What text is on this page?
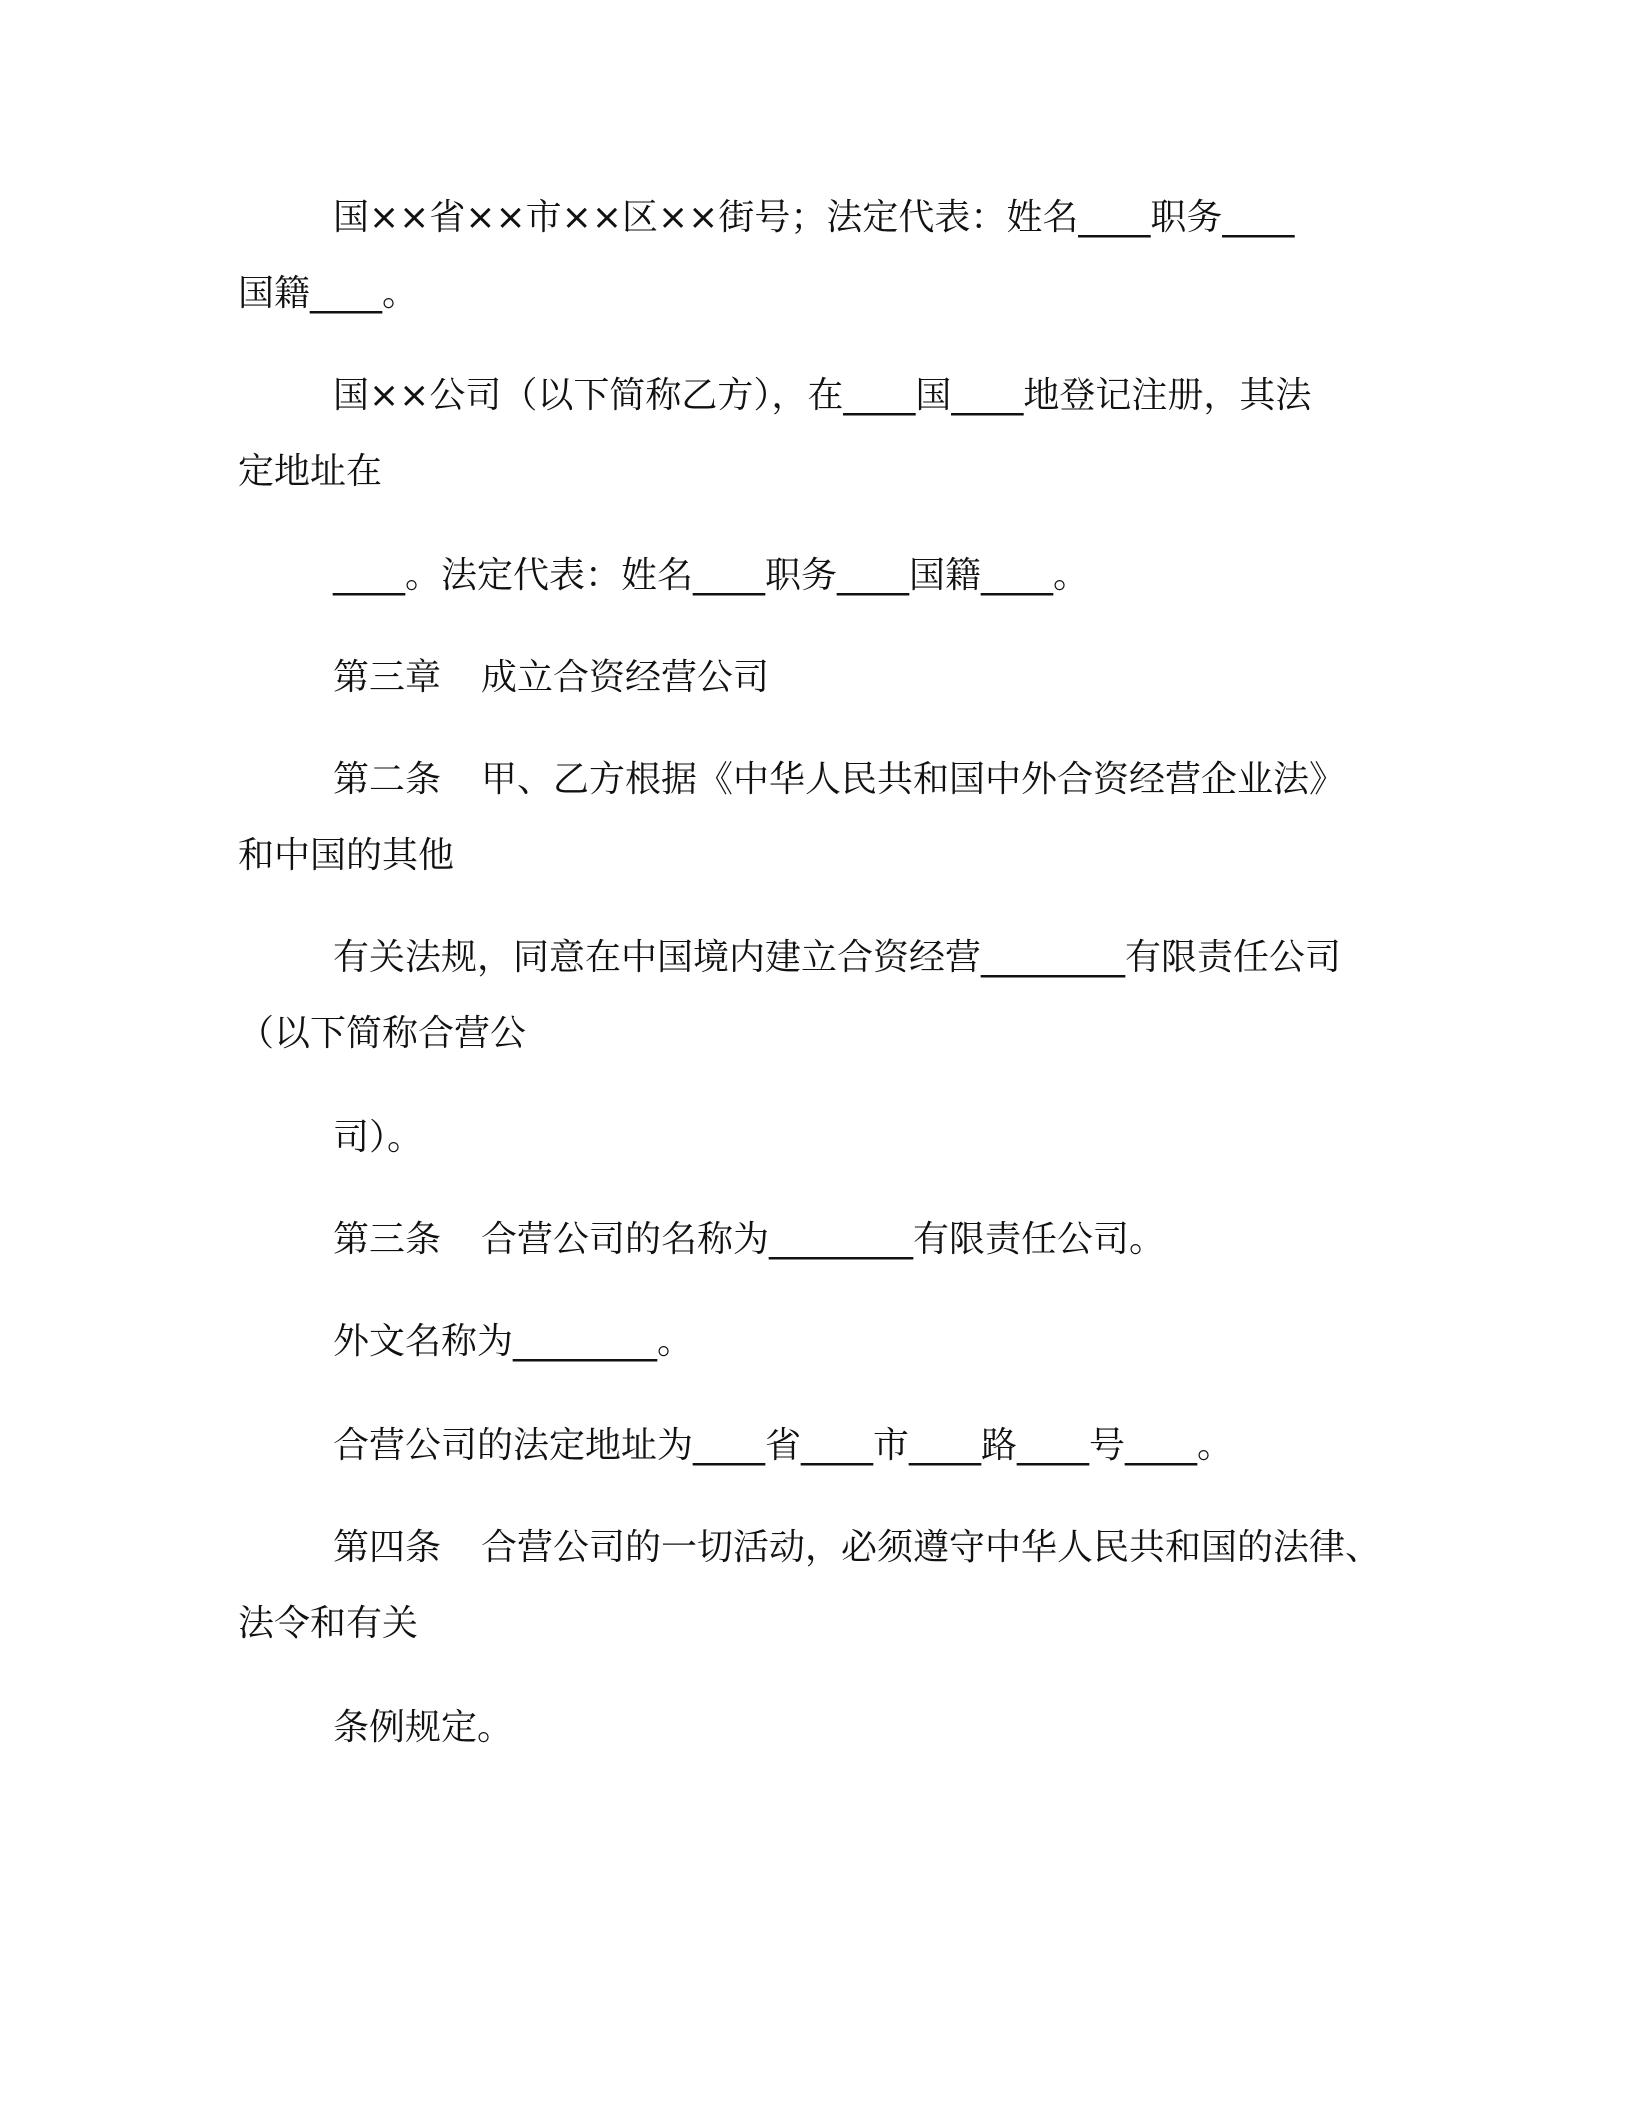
国××省××市××区××街号；法定代表：姓名____职务____
国籍____。
国××公司（以下简称乙方），在____国____地登记注册，其法
定地址在
____。法定代表：姓名____职务____国籍____。
第三章 成立合资经营公司
第二条 甲、乙方根据《中华人民共和国中外合资经营企业法》
和中国的其他
有关法规，同意在中国境内建立合资经营________有限责任公司
（以下简称合营公
司）。
第三条 合营公司的名称为________有限责任公司。
外文名称为________。
合营公司的法定地址为____省____市____路____号____。
第四条 合营公司的一切活动，必须遵守中华人民共和国的法律、
法令和有关
条例规定。
